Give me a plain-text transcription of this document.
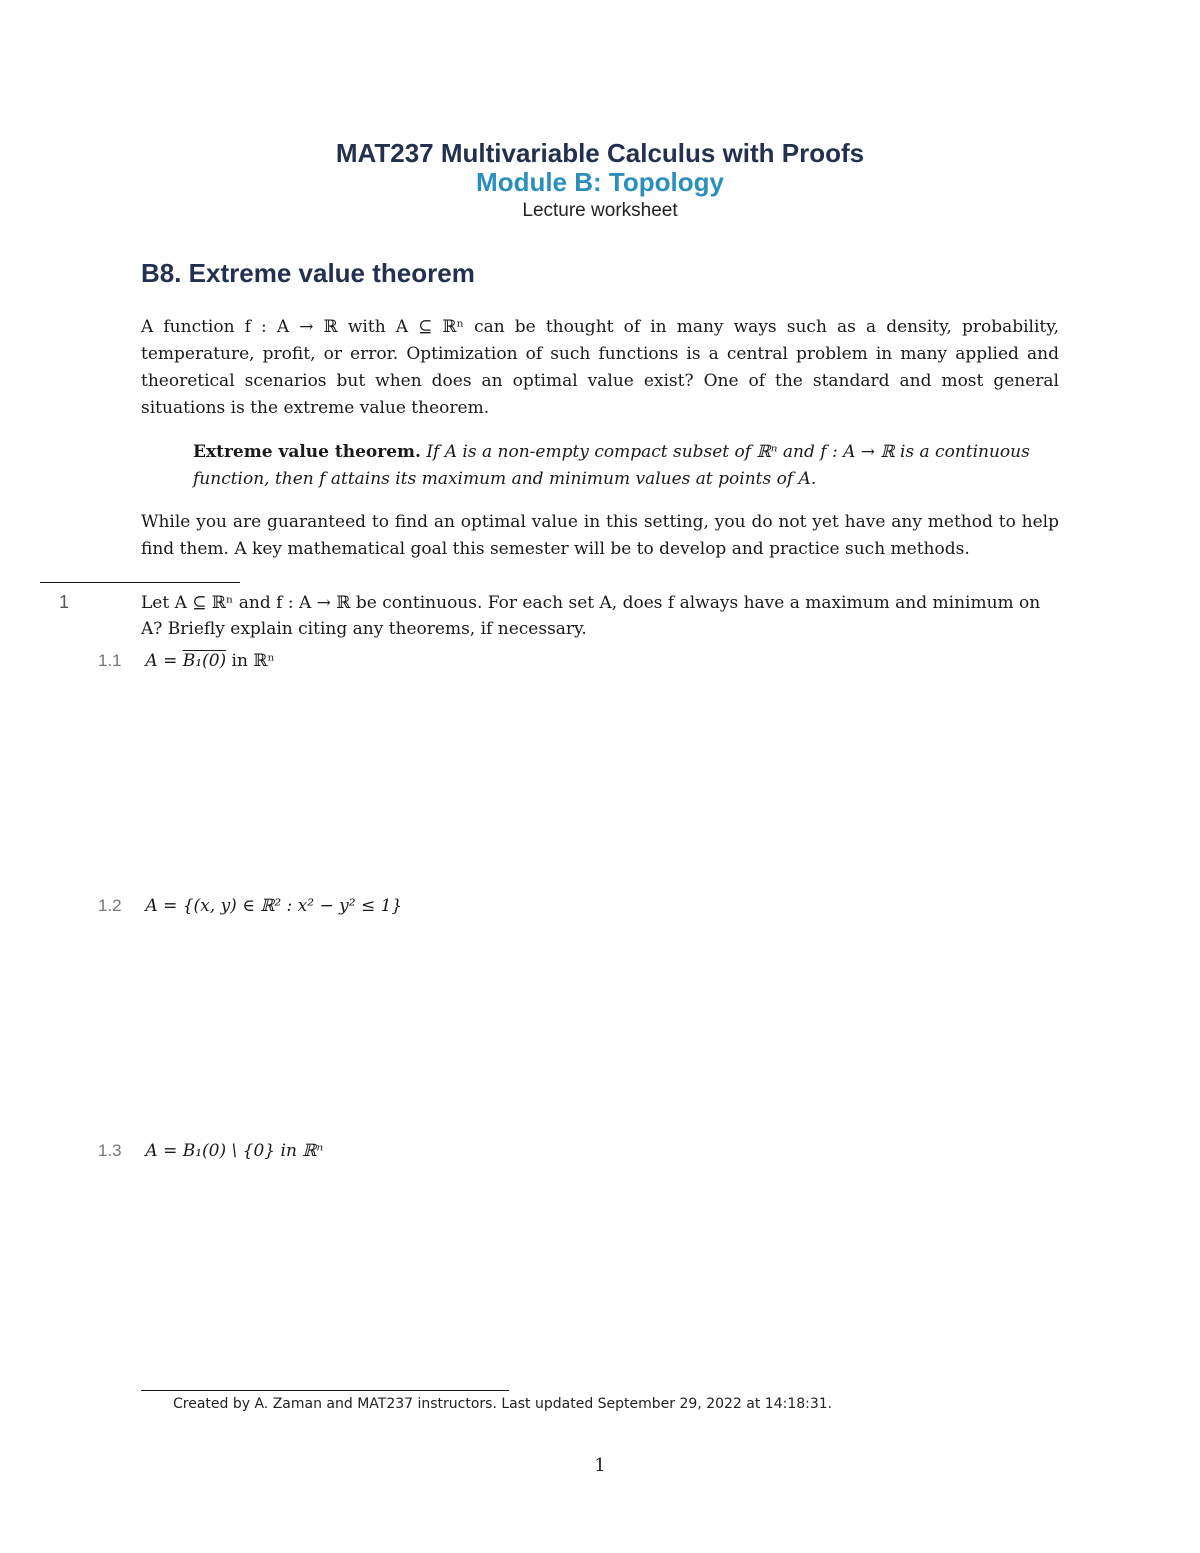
MAT237 Multivariable Calculus with Proofs
Module B: Topology
Lecture worksheet
B8. Extreme value theorem
A function f : A → ℝ with A ⊆ ℝⁿ can be thought of in many ways such as a density, probability, temperature, profit, or error. Optimization of such functions is a central problem in many applied and theoretical scenarios but when does an optimal value exist? One of the standard and most general situations is the extreme value theorem.
Extreme value theorem. If A is a non-empty compact subset of ℝⁿ and f : A → ℝ is a continuous function, then f attains its maximum and minimum values at points of A.
While you are guaranteed to find an optimal value in this setting, you do not yet have any method to help find them. A key mathematical goal this semester will be to develop and practice such methods.
1	Let A ⊆ ℝⁿ and f : A → ℝ be continuous. For each set A, does f always have a maximum and minimum on A? Briefly explain citing any theorems, if necessary.
1.1 A = B₁(0) in ℝⁿ
1.2 A = {(x, y) ∈ ℝ² : x² − y² ≤ 1}
1.3 A = B₁(0) \ {0} in ℝⁿ
Created by A. Zaman and MAT237 instructors. Last updated September 29, 2022 at 14:18:31.
1
